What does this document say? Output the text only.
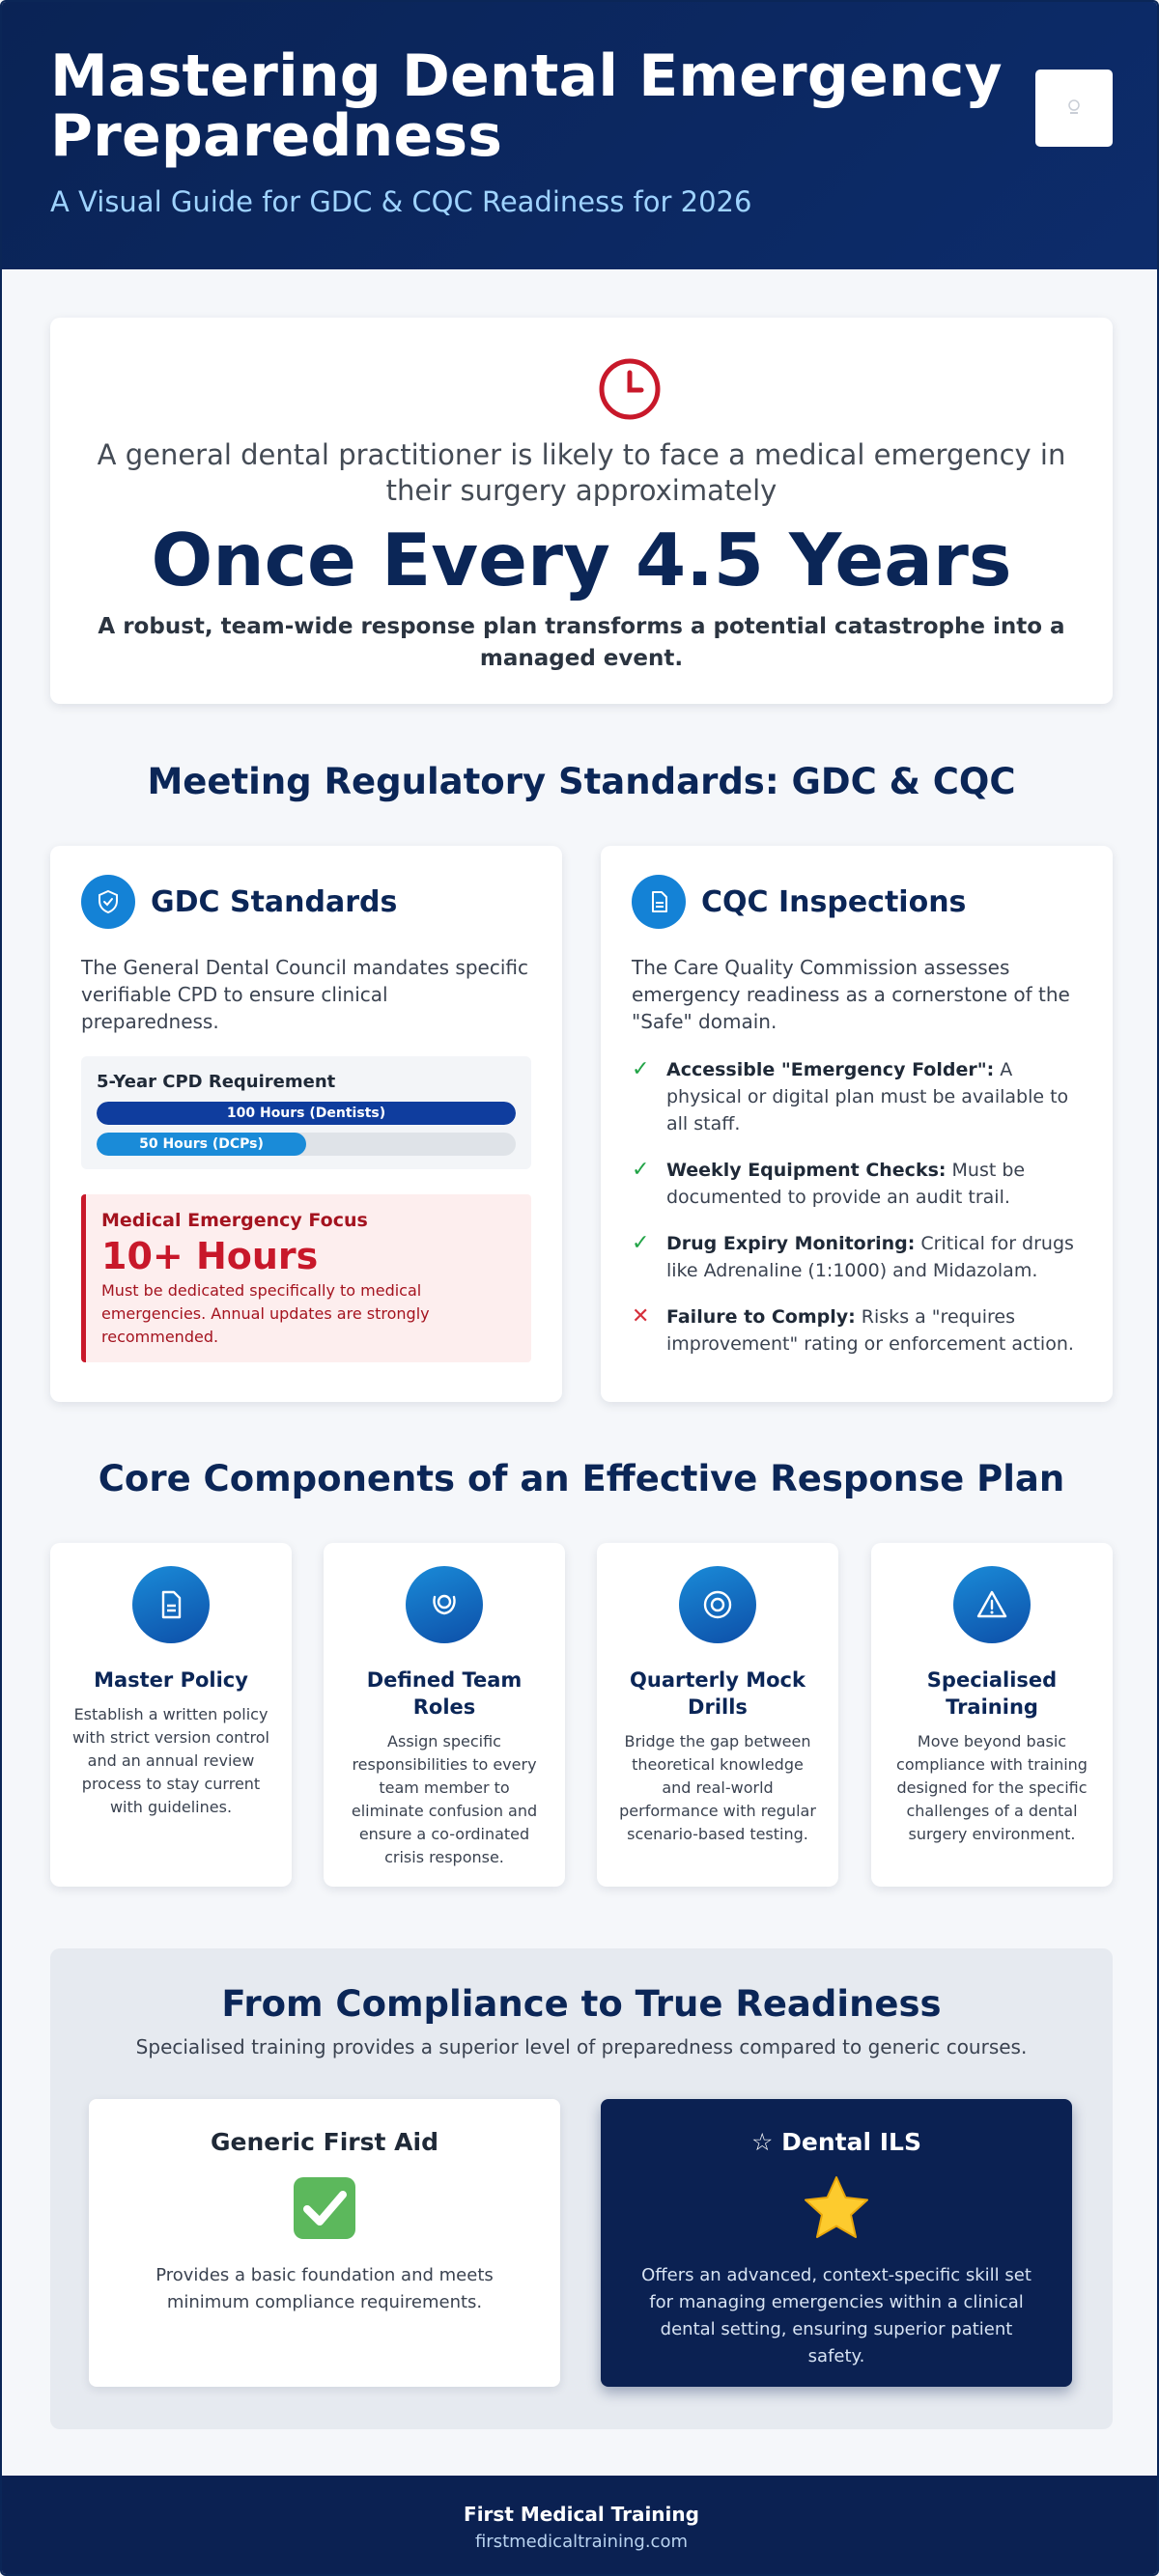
Mastering Dental Emergency Preparedness
A Visual Guide for GDC & CQC Readiness for 2026
A general dental practitioner is likely to face a medical emergency in their surgery approximately
Once Every 4.5 Years
A robust, team-wide response plan transforms a potential catastrophe into a managed event.
Meeting Regulatory Standards: GDC & CQC
GDC Standards
The General Dental Council mandates specific verifiable CPD to ensure clinical preparedness.
5-Year CPD Requirement
100 Hours (Dentists)
50 Hours (DCPs)
Medical Emergency Focus
10+ Hours
Must be dedicated specifically to medical emergencies. Annual updates are strongly recommended.
CQC Inspections
The Care Quality Commission assesses emergency readiness as a cornerstone of the "Safe" domain.
✓ Accessible "Emergency Folder": A physical or digital plan must be available to all staff.
✓ Weekly Equipment Checks: Must be documented to provide an audit trail.
✓ Drug Expiry Monitoring: Critical for drugs like Adrenaline (1:1000) and Midazolam.
✕ Failure to Comply: Risks a "requires improvement" rating or enforcement action.
Core Components of an Effective Response Plan
Master Policy

Establish a written policy with strict version control and an annual review process to stay current with guidelines.

Defined Team Roles

Assign specific responsibilities to every team member to eliminate confusion and ensure a co-ordinated crisis response.

Quarterly Mock Drills

Bridge the gap between theoretical knowledge and real-world performance with regular scenario-based testing.

Specialised Training

Move beyond basic compliance with training designed for the specific challenges of a dental surgery environment.

From Compliance to True Readiness
Specialised training provides a superior level of preparedness compared to generic courses.
Generic First Aid

Provides a basic foundation and meets minimum compliance requirements.

☆ Dental ILS

Offers an advanced, context-specific skill set for managing emergencies within a clinical dental setting, ensuring superior patient safety.

First Medical Training
firstmedicaltraining.com
